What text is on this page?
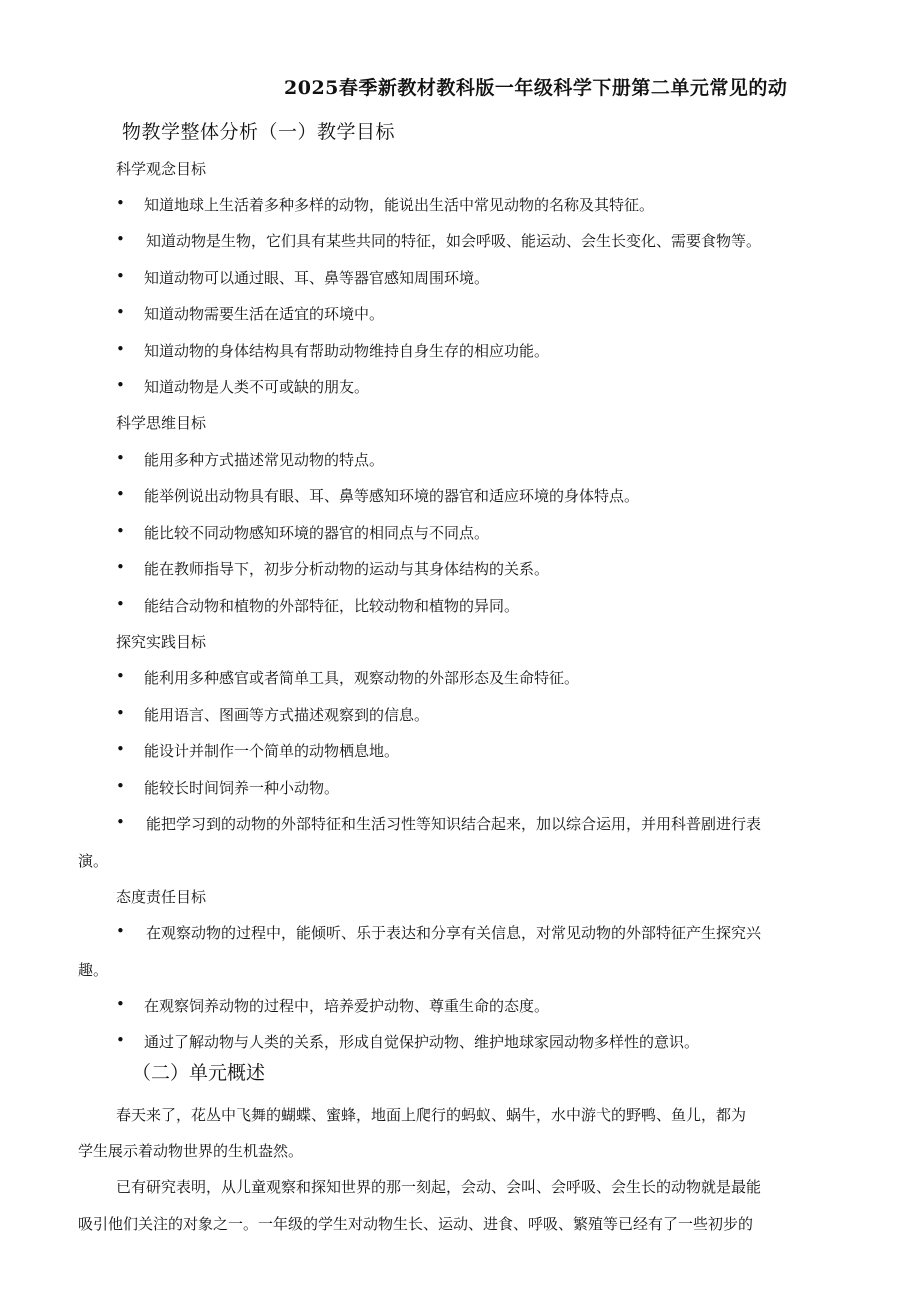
2025春季新教材教科版一年级科学下册第二单元常见的动
物教学整体分析（一）教学目标
科学观念目标
• 知道地球上生活着多种多样的动物，能说出生活中常见动物的名称及其特征。
• 知道动物是生物，它们具有某些共同的特征，如会呼吸、能运动、会生长变化、需要食物等。
• 知道动物可以通过眼、耳、鼻等器官感知周围环境。
• 知道动物需要生活在适宜的环境中。
• 知道动物的身体结构具有帮助动物维持自身生存的相应功能。
• 知道动物是人类不可或缺的朋友。
科学思维目标
• 能用多种方式描述常见动物的特点。
• 能举例说出动物具有眼、耳、鼻等感知环境的器官和适应环境的身体特点。
• 能比较不同动物感知环境的器官的相同点与不同点。
• 能在教师指导下，初步分析动物的运动与其身体结构的关系。
• 能结合动物和植物的外部特征，比较动物和植物的异同。
探究实践目标
• 能利用多种感官或者简单工具，观察动物的外部形态及生命特征。
• 能用语言、图画等方式描述观察到的信息。
• 能设计并制作一个简单的动物栖息地。
• 能较长时间饲养一种小动物。
• 能把学习到的动物的外部特征和生活习性等知识结合起来，加以综合运用，并用科普剧进行表
演。
态度责任目标
• 在观察动物的过程中，能倾听、乐于表达和分享有关信息，对常见动物的外部特征产生探究兴
趣。
• 在观察饲养动物的过程中，培养爱护动物、尊重生命的态度。
• 通过了解动物与人类的关系，形成自觉保护动物、维护地球家园动物多样性的意识。
（二）单元概述
春天来了，花丛中飞舞的蝴蝶、蜜蜂，地面上爬行的蚂蚁、蜗牛，水中游弋的野鸭、鱼儿，都为
学生展示着动物世界的生机盎然。
已有研究表明，从儿童观察和探知世界的那一刻起，会动、会叫、会呼吸、会生长的动物就是最能
吸引他们关注的对象之一。一年级的学生对动物生长、运动、进食、呼吸、繁殖等已经有了一些初步的
